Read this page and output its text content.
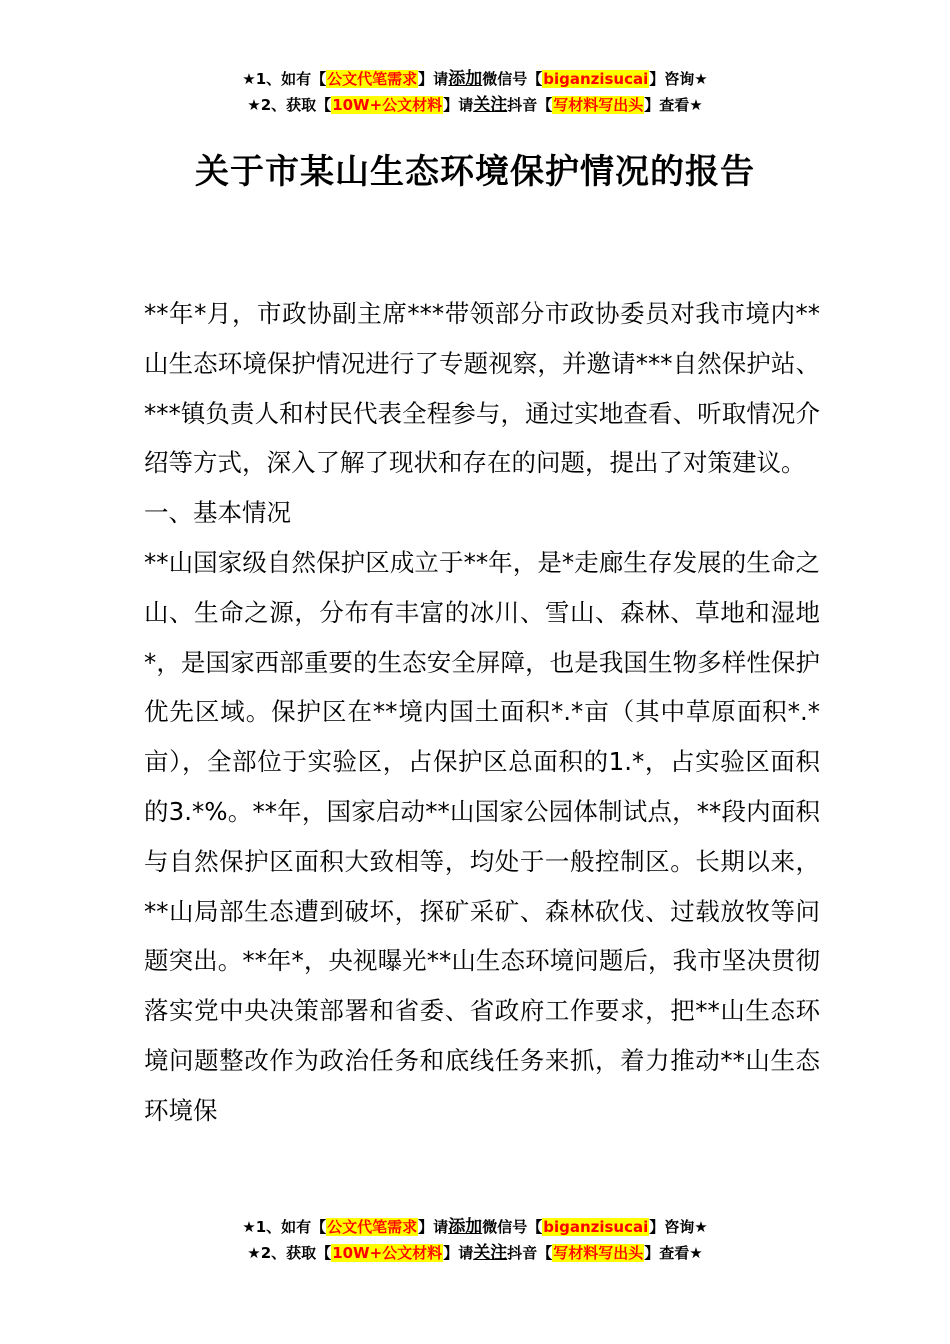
★1、如有【公文代笔需求】请添加微信号【biganzisucai】咨询★
★2、获取【10W+公文材料】请关注抖音【写材料写出头】查看★
关于市某山生态环境保护情况的报告

**年*月，市政协副主席***带领部分市政协委员对我市境内**山生态环境保护情况进行了专题视察，并邀请***自然保护站、***镇负责人和村民代表全程参与，通过实地查看、听取情况介绍等方式，深入了解了现状和存在的问题，提出了对策建议。

一、基本情况

**山国家级自然保护区成立于**年，是*走廊生存发展的生命之山、生命之源，分布有丰富的冰川、雪山、森林、草地和湿地*，是国家西部重要的生态安全屏障，也是我国生物多样性保护优先区域。保护区在**境内国土面积*.*亩（其中草原面积*.*亩），全部位于实验区，占保护区总面积的1.*，占实验区面积的3.*%。**年，国家启动**山国家公园体制试点，**段内面积与自然保护区面积大致相等，均处于一般控制区。长期以来，**山局部生态遭到破坏，探矿采矿、森林砍伐、过载放牧等问题突出。**年*，央视曝光**山生态环境问题后，我市坚决贯彻落实党中央决策部署和省委、省政府工作要求，把**山生态环境问题整改作为政治任务和底线任务来抓，着力推动**山生态环境保

★1、如有【公文代笔需求】请添加微信号【biganzisucai】咨询★
★2、获取【10W+公文材料】请关注抖音【写材料写出头】查看★
